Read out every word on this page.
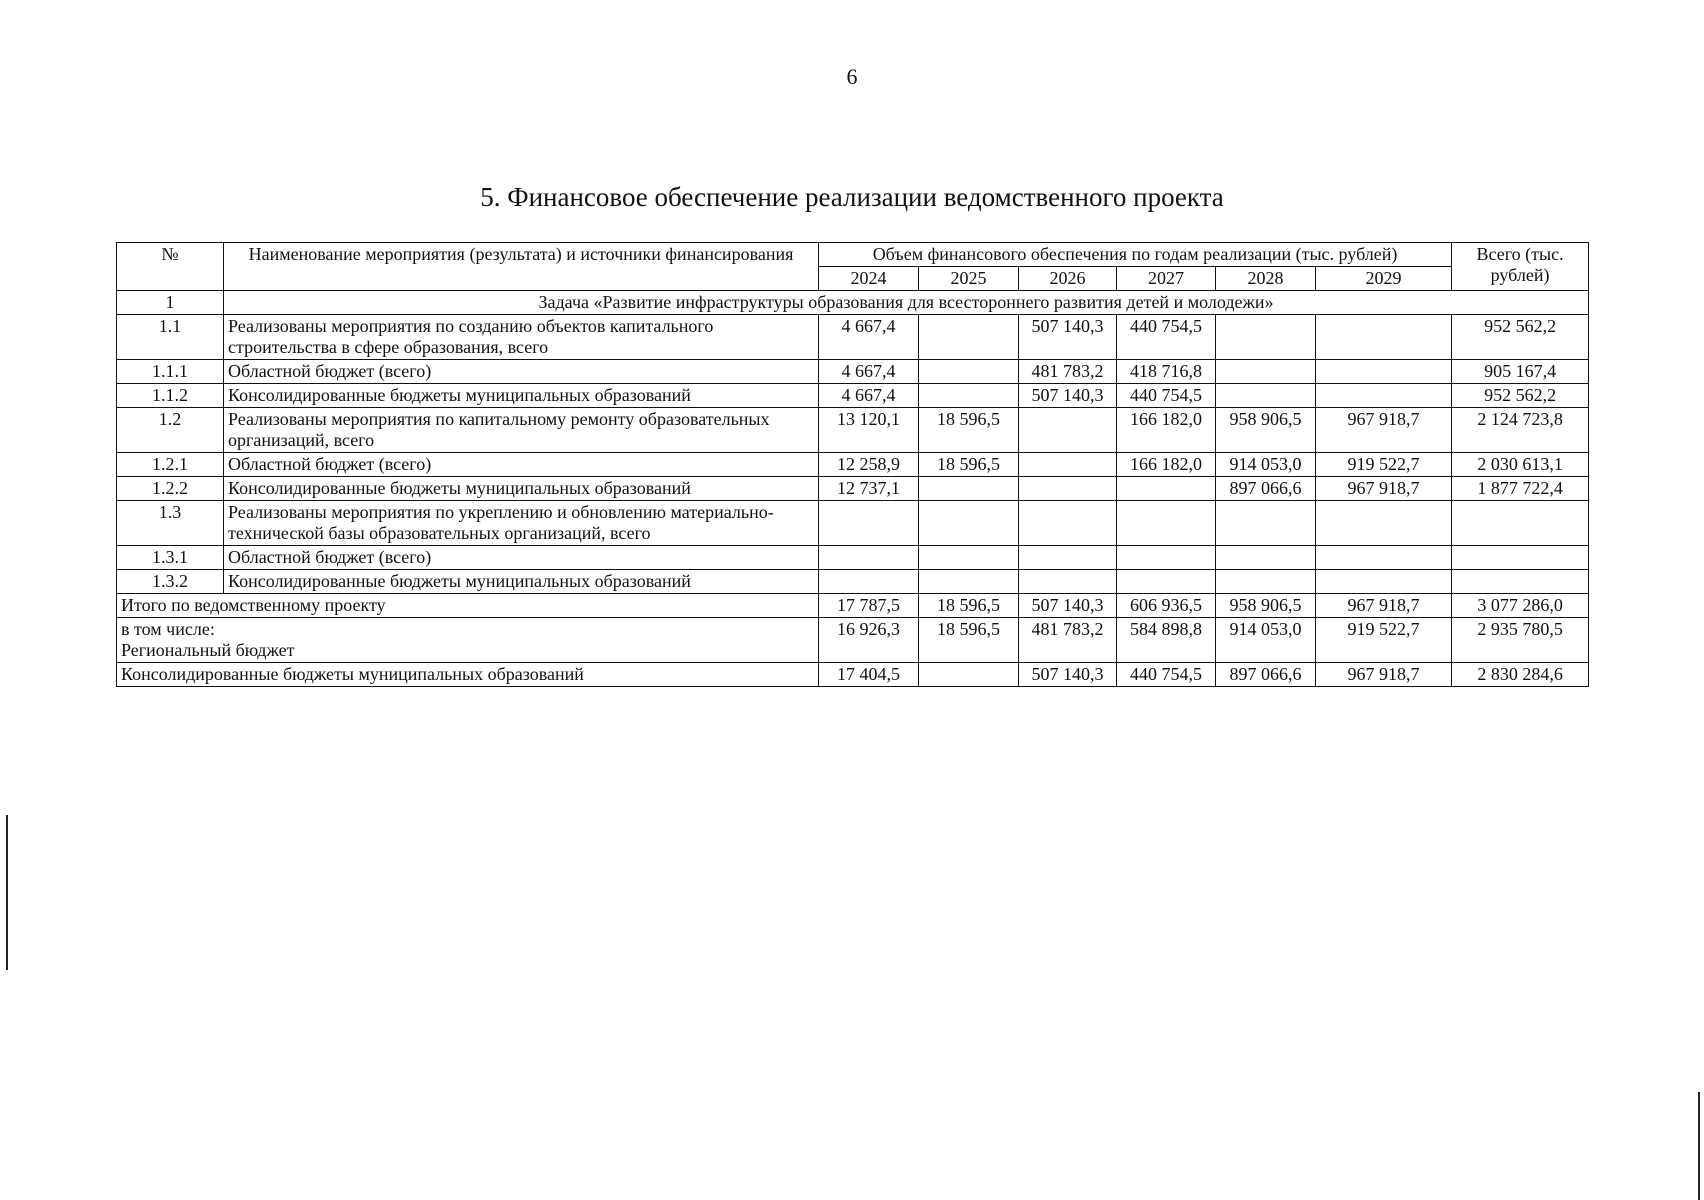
6
5. Финансовое обеспечение реализации ведомственного проекта
№	Наименование мероприятия (результата) и источники финансирования	Объем финансового обеспечения по годам реализации (тыс. рублей)						Всего (тыс. рублей)
		2024	2025	2026	2027	2028	2029	
1	Задача «Развитие инфраструктуры образования для всестороннего развития детей и молодежи»							
1.1	Реализованы мероприятия по созданию объектов капитального строительства в сфере образования, всего	4 667,4		507 140,3	440 754,5			952 562,2
1.1.1	Областной бюджет (всего)	4 667,4		481 783,2	418 716,8			905 167,4
1.1.2	Консолидированные бюджеты муниципальных образований	4 667,4		507 140,3	440 754,5			952 562,2
1.2	Реализованы мероприятия по капитальному ремонту образовательных организаций, всего	13 120,1	18 596,5		166 182,0	958 906,5	967 918,7	2 124 723,8
1.2.1	Областной бюджет (всего)	12 258,9	18 596,5		166 182,0	914 053,0	919 522,7	2 030 613,1
1.2.2	Консолидированные бюджеты муниципальных образований	12 737,1				897 066,6	967 918,7	1 877 722,4
1.3	Реализованы мероприятия по укреплению и обновлению материально-технической базы образовательных организаций, всего							
1.3.1	Областной бюджет (всего)							
1.3.2	Консолидированные бюджеты муниципальных образований							
Итого по ведомственному проекту		17 787,5	18 596,5	507 140,3	606 936,5	958 906,5	967 918,7	3 077 286,0

в том числе:
Региональный бюджет		16 926,3	18 596,5	481 783,2	584 898,8	914 053,0	919 522,7	2 935 780,5
Консолидированные бюджеты муниципальных образований		17 404,5		507 140,3	440 754,5	897 066,6	967 918,7	2 830 284,6
